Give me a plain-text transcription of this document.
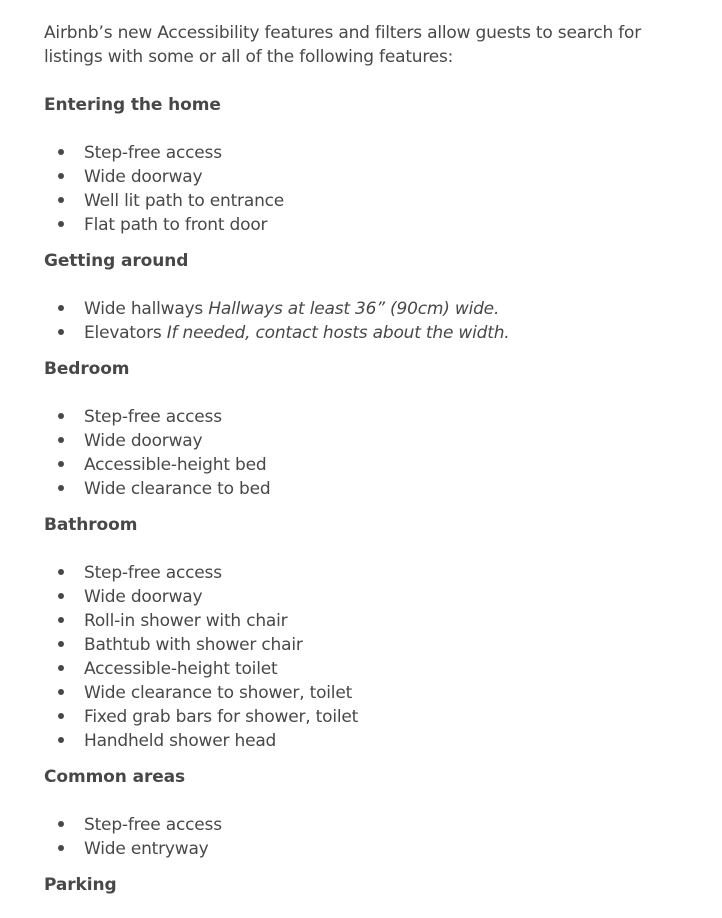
Airbnb’s new Accessibility features and filters allow guests to search for listings with some or all of the following features:

Entering the home
Step-free access
Wide doorway
Well lit path to entrance
Flat path to front door
Getting around
Wide hallways Hallways at least 36” (90cm) wide.
Elevators If needed, contact hosts about the width.
Bedroom
Step-free access
Wide doorway
Accessible-height bed
Wide clearance to bed
Bathroom
Step-free access
Wide doorway
Roll-in shower with chair
Bathtub with shower chair
Accessible-height toilet
Wide clearance to shower, toilet
Fixed grab bars for shower, toilet
Handheld shower head
Common areas
Step-free access
Wide entryway
Parking
